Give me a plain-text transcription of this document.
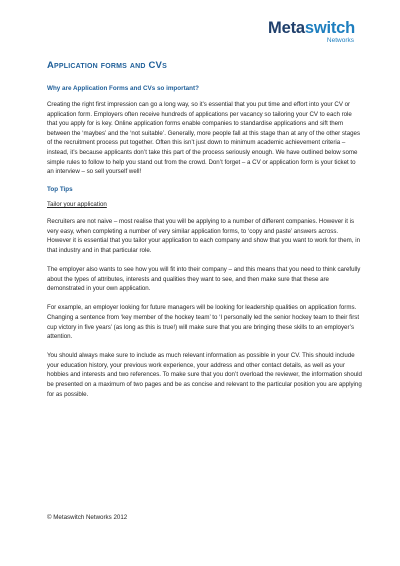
Metaswitch
Networks
Application forms and CVs
Why are Application Forms and CVs so important?

Creating the right first impression can go a long way, so it’s essential that you put time and effort into your CV or application form. Employers often receive hundreds of applications per vacancy so tailoring your CV to each role that you apply for is key. Online application forms enable companies to standardise applications and sift them between the ‘maybes’ and the ‘not suitable’. Generally, more people fall at this stage than at any of the other stages of the recruitment process put together. Often this isn’t just down to minimum academic achievement criteria – instead, it’s because applicants don’t take this part of the process seriously enough. We have outlined below some simple rules to follow to help you stand out from the crowd. Don’t forget – a CV or application form is your ticket to an interview – so sell yourself well!

Top Tips
Tailor your application

Recruiters are not naive – most realise that you will be applying to a number of different companies. However it is very easy, when completing a number of very similar application forms, to ‘copy and paste’ answers across. However it is essential that you tailor your application to each company and show that you want to work for them, in that industry and in that particular role.

The employer also wants to see how you will fit into their company – and this means that you need to think carefully about the types of attributes, interests and qualities they want to see, and then make sure that these are demonstrated in your own application.

For example, an employer looking for future managers will be looking for leadership qualities on application forms. Changing a sentence from ‘key member of the hockey team’ to ‘I personally led the senior hockey team to their first cup victory in five years’ (as long as this is true!) will make sure that you are bringing these skills to an employer’s attention.

You should always make sure to include as much relevant information as possible in your CV. This should include your education history, your previous work experience, your address and other contact details, as well as your hobbies and interests and two references. To make sure that you don’t overload the reviewer, the information should be presented on a maximum of two pages and be as concise and relevant to the particular position you are applying for as possible.

© Metaswitch Networks 2012
